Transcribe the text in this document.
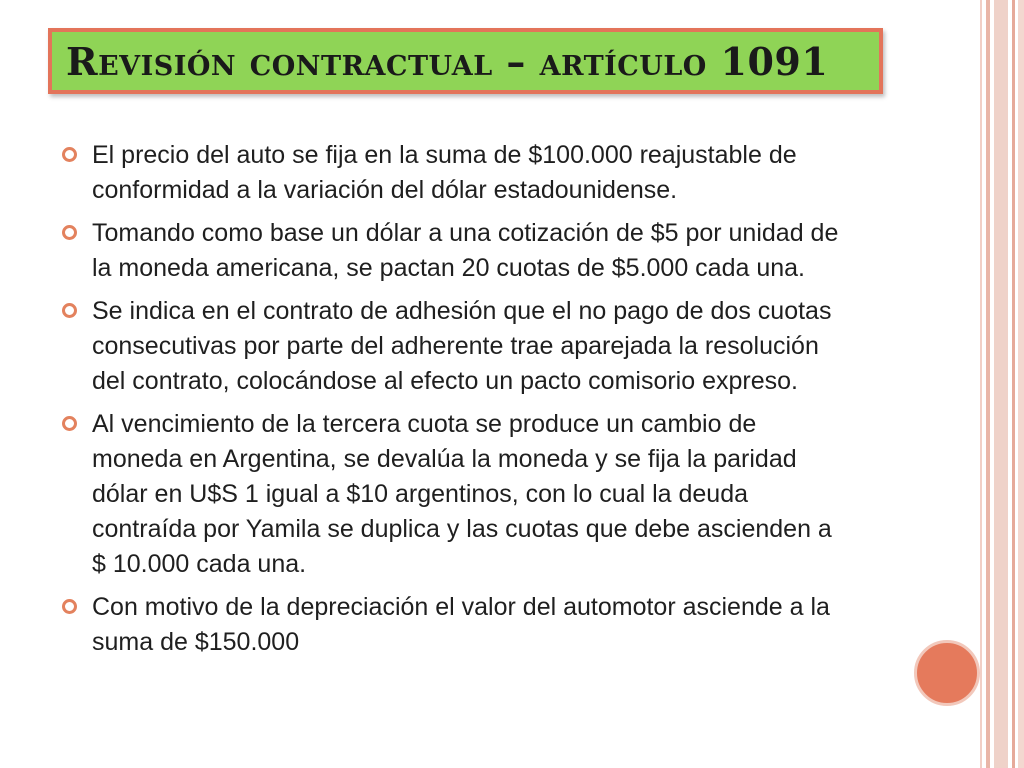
Revisión contractual – artículo 1091
El precio del auto se fija en la suma de $100.000 reajustable de
conformidad a la variación del dólar estadounidense.
Tomando como base un dólar a una cotización de $5 por unidad de
la moneda americana, se pactan 20 cuotas de $5.000 cada una.
Se indica en el contrato de adhesión que el no pago de dos cuotas
consecutivas por parte del adherente trae aparejada la resolución
del contrato, colocándose al efecto un pacto comisorio expreso.
Al vencimiento de la tercera cuota se produce un cambio de
moneda en Argentina, se devalúa la moneda y se fija la paridad
dólar en U$S 1 igual a $10 argentinos, con lo cual la deuda
contraída por Yamila se duplica y las cuotas que debe ascienden a
$ 10.000 cada una.
Con motivo de la depreciación el valor del automotor asciende a la
suma de $150.000
